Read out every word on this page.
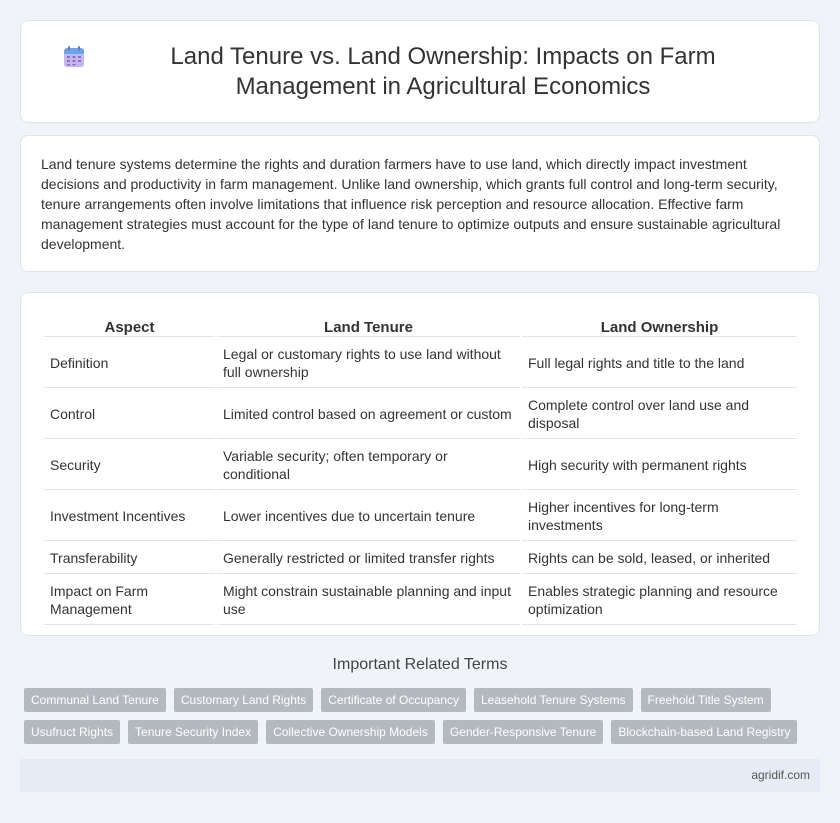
Land Tenure vs. Land Ownership: Impacts on Farm Management in Agricultural Economics

Land tenure systems determine the rights and duration farmers have to use land, which directly impact investment decisions and productivity in farm management. Unlike land ownership, which grants full control and long-term security, tenure arrangements often involve limitations that influence risk perception and resource allocation. Effective farm management strategies must account for the type of land tenure to optimize outputs and ensure sustainable agricultural development.

Aspect	Land Tenure	Land Ownership
Definition	Legal or customary rights to use land without full ownership	Full legal rights and title to the land
Control	Limited control based on agreement or custom	Complete control over land use and disposal
Security	Variable security; often temporary or conditional	High security with permanent rights
Investment Incentives	Lower incentives due to uncertain tenure	Higher incentives for long-term investments
Transferability	Generally restricted or limited transfer rights	Rights can be sold, leased, or inherited
Impact on Farm Management	Might constrain sustainable planning and input use	Enables strategic planning and resource optimization
Important Related Terms
Communal Land Tenure	Customary Land Rights	Certificate of Occupancy	Leasehold Tenure Systems	Freehold Title System
Usufruct Rights	Tenure Security Index	Collective Ownership Models	Gender-Responsive Tenure	Blockchain-based Land Registry
agridif.com
